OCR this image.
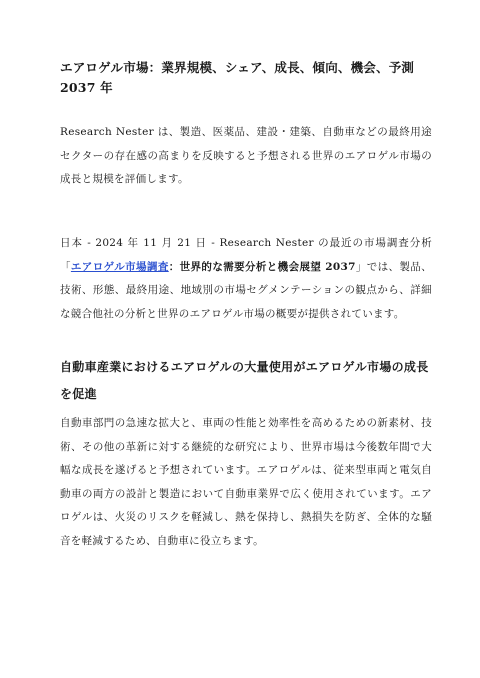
エアロゲル市場：業界規模、シェア、成長、傾向、機会、予測 2037 年
Research Nester は、製造、医薬品、建設・建築、自動車などの最終用途セクターの存在感の高まりを反映すると予想される世界のエアロゲル市場の成長と規模を評価します。
日本 - 2024 年 11 月 21 日 - Research Nester の最近の市場調査分析「エアロゲル市場調査：世界的な需要分析と機会展望 2037」では、製品、技術、形態、最終用途、地域別の市場セグメンテーションの観点から、詳細な競合他社の分析と世界のエアロゲル市場の概要が提供されています。
自動車産業におけるエアロゲルの大量使用がエアロゲル市場の成長を促進
自動車部門の急速な拡大と、車両の性能と効率性を高めるための新素材、技術、その他の革新に対する継続的な研究により、世界市場は今後数年間で大幅な成長を遂げると予想されています。エアロゲルは、従来型車両と電気自動車の両方の設計と製造において自動車業界で広く使用されています。エアロゲルは、火災のリスクを軽減し、熱を保持し、熱損失を防ぎ、全体的な騒音を軽減するため、自動車に役立ちます。
